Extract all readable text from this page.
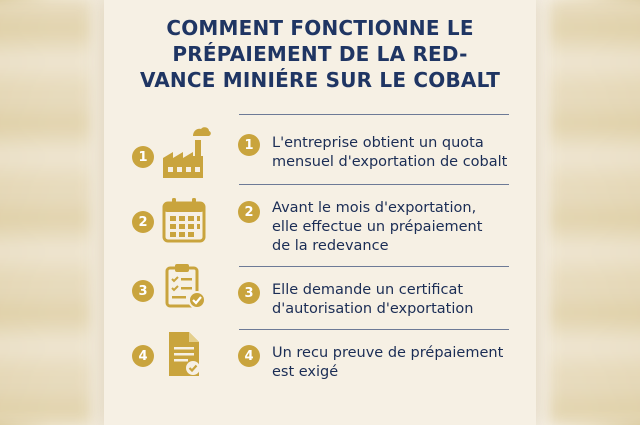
COMMENT FONCTIONNE LE
PRÉPAIEMENT DE LA RED-
VANCE MINIÉRE SUR LE COBALT
1
1	L'entreprise obtient un quota
mensuel d'exportation de cobalt
2
2	Avant le mois d'exportation,
elle effectue un prépaiement
de la redevance
3	3	Elle demande un certificat
d'autorisation d'exportation
4	4	Un recu preuve de prépaiement
est exigé
